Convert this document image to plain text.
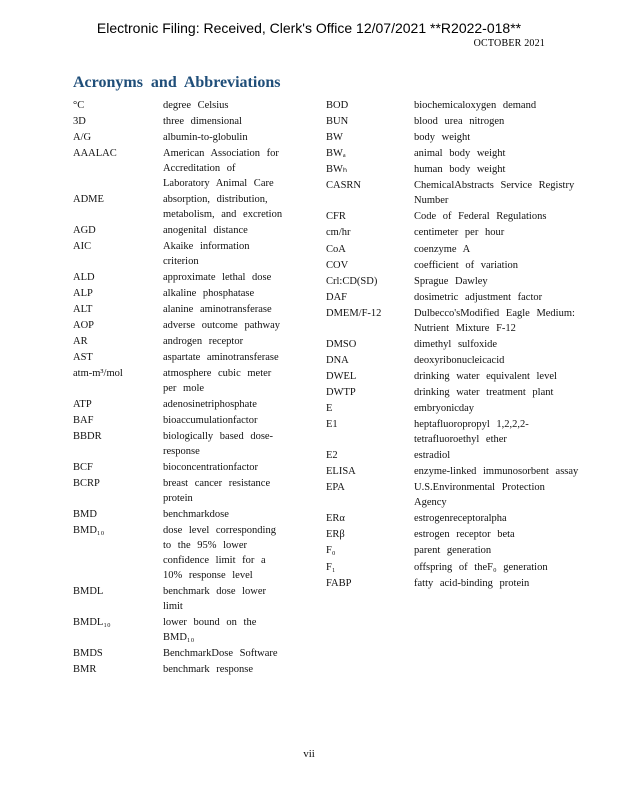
Electronic Filing: Received, Clerk's Office 12/07/2021 **R2022-018**
OCTOBER 2021
Acronyms and Abbreviations
°C	degree Celsius
3D	three dimensional
A/G	albumin-to-globulin
AAALAC	American Association for Accreditation of Laboratory Animal Care
ADME	absorption, distribution, metabolism, and excretion
AGD	anogenital distance
AIC	Akaike information criterion
ALD	approximate lethal dose
ALP	alkaline phosphatase
ALT	alanine aminotransferase
AOP	adverse outcome pathway
AR	androgen receptor
AST	aspartate aminotransferase
atm-m³/mol	atmosphere cubic meter per mole
ATP	adenosinetriphosphate
BAF	bioaccumulationfactor
BBDR	biologically based dose-response
BCF	bioconcentrationfactor
BCRP	breast cancer resistance protein
BMD	benchmarkdose
BMD₁₀	dose level corresponding to the 95% lower confidence limit for a 10% response level
BMDL	benchmark dose lower limit
BMDL₁₀	lower bound on the BMD₁₀
BMDS	BenchmarkDose Software
BMR	benchmark response
BOD	biochemicaloxygen demand
BUN	blood urea nitrogen
BW	body weight
BWₐ	animal body weight
BWₕ	human body weight
CASRN	ChemicalAbstracts Service Registry Number
CFR	Code of Federal Regulations
cm/hr	centimeter per hour
CoA	coenzyme A
COV	coefficient of variation
Crl:CD(SD)	Sprague Dawley
DAF	dosimetric adjustment factor
DMEM/F-12	Dulbecco'sModified Eagle Medium: Nutrient Mixture F-12
DMSO	dimethyl sulfoxide
DNA	deoxyribonucleicacid
DWEL	drinking water equivalent level
DWTP	drinking water treatment plant
E	embryonicday
E1	heptafluoropropyl 1,2,2,2-tetrafluoroethyl ether
E2	estradiol
ELISA	enzyme-linked immunosorbent assay
EPA	U.S.Environmental Protection Agency
ERα	estrogenreceptoralpha
ERβ	estrogen receptor beta
F₀	parent generation
F₁	offspring of theF₀ generation
FABP	fatty acid-binding protein
vii
